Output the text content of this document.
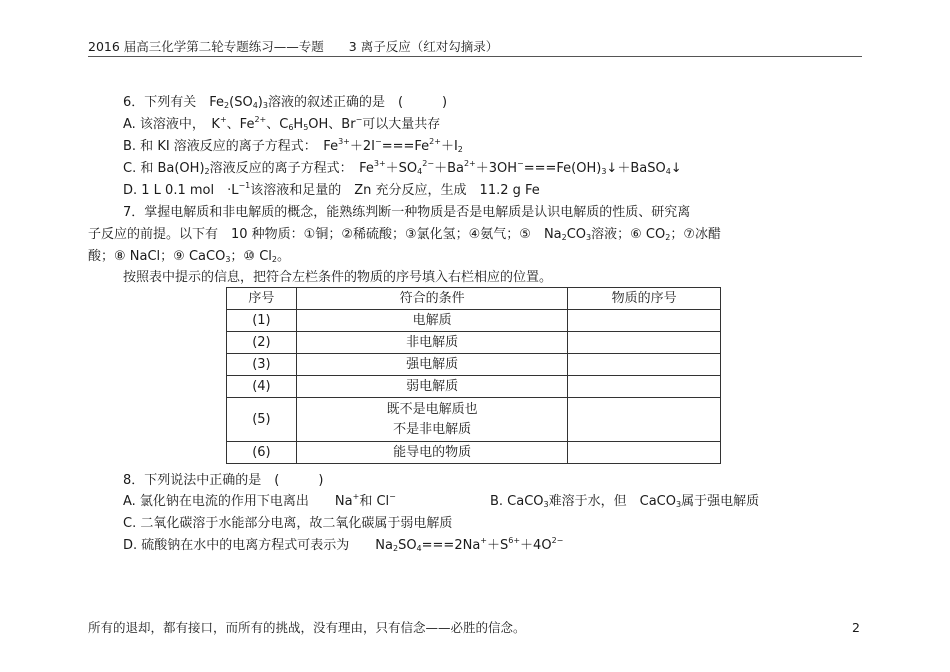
2016 届高三化学第二轮专题练习——专题　　3 离子反应（红对勾摘录）
6．下列有关　$Fe_2(SO_4)_3$溶液的叙述正确的是　(　　　)
A. 该溶液中，　K+、$Fe^{2+}$、$C_6H_5OH$、Br−可以大量共存
B. 和 KI 溶液反应的离子方程式：　$Fe^{3+}+2I^-===Fe^{2+}+I_2$
C. 和 $Ba(OH)_2$溶液反应的离子方程式：　$Fe^{3+}+SO_4^{2-}+Ba^{2+}+3OH^-===Fe(OH)_3↓+BaSO_4↓$
D. 1 L 0.1 mol　$\cdot L^{-1}$该溶液和足量的　Zn 充分反应，生成　11.2 g Fe
7．掌握电解质和非电解质的概念，能熟练判断一种物质是否是电解质是认识电解质的性质、研究离
子反应的前提。以下有　10 种物质：①铜；②稀硫酸；③氯化氢；④氨气；⑤　$Na_2CO_3$溶液；⑥ $CO_2$；⑦冰醋
酸；⑧ NaCl；⑨ CaCO$_3$；⑩ $Cl_2$。
按照表中提示的信息，把符合左栏条件的物质的序号填入右栏相应的位置。
序号	符合的条件	物质的序号
(1)	电解质	
(2)	非电解质	
(3)	强电解质	
(4)	弱电解质	
(5)	既不是电解质也
不是非电解质	

(6)	能导电的物质	
8．下列说法中正确的是　(　　　)
A. 氯化钠在电流的作用下电离出　　Na+和 Cl−	B. CaCO$_3$难溶于水，但　CaCO$_3$属于强电解质
C. 二氧化碳溶于水能部分电离，故二氧化碳属于弱电解质
D. 硫酸钠在水中的电离方程式可表示为　　$Na_2SO_4===2Na^++S^{6+}+4O^{2-}$
所有的退却，都有接口，而所有的挑战，没有理由，只有信念——必胜的信念。	2
